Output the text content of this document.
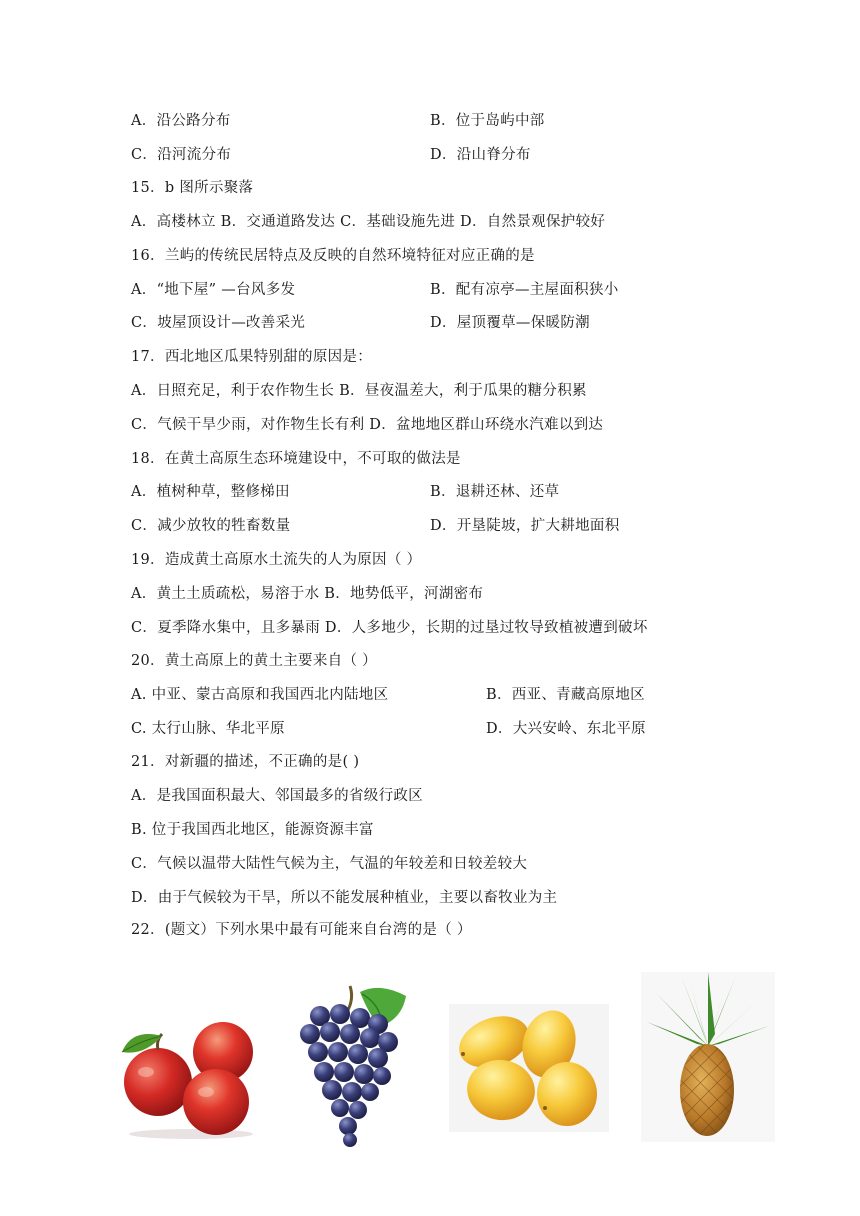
A．沿公路分布	B．位于岛屿中部
C．沿河流分布	D．沿山脊分布
15．b 图所示聚落
A．高楼林立 B．交通道路发达 C．基础设施先进 D．自然景观保护较好
16．兰屿的传统民居特点及反映的自然环境特征对应正确的是
A．“地下屋” —台风多发	B．配有凉亭—主屋面积狭小
C．坡屋顶设计—改善采光	D．屋顶覆草—保暖防潮
17．西北地区瓜果特别甜的原因是：
A．日照充足，利于农作物生长 B．昼夜温差大，利于瓜果的糖分积累
C．气候干旱少雨，对作物生长有利 D．盆地地区群山环绕水汽难以到达
18．在黄土高原生态环境建设中，不可取的做法是
A．植树种草，整修梯田	B．退耕还林、还草
C．减少放牧的牲畜数量	D．开垦陡坡，扩大耕地面积
19．造成黄土高原水土流失的人为原因（ ）
A．黄土土质疏松，易溶于水 B．地势低平，河湖密布
C．夏季降水集中，且多暴雨 D．人多地少，长期的过垦过牧导致植被遭到破坏
20．黄土高原上的黄土主要来自（ ）
A. 中亚、蒙古高原和我国西北内陆地区	B．西亚、青藏高原地区
C. 太行山脉、华北平原	D．大兴安岭、东北平原
21．对新疆的描述，不正确的是( )
A．是我国面积最大、邻国最多的省级行政区
B. 位于我国西北地区，能源资源丰富
C．气候以温带大陆性气候为主，气温的年较差和日较差较大
D．由于气候较为干旱，所以不能发展种植业，主要以畜牧业为主
22．(题文）下列水果中最有可能来自台湾的是（ ）
